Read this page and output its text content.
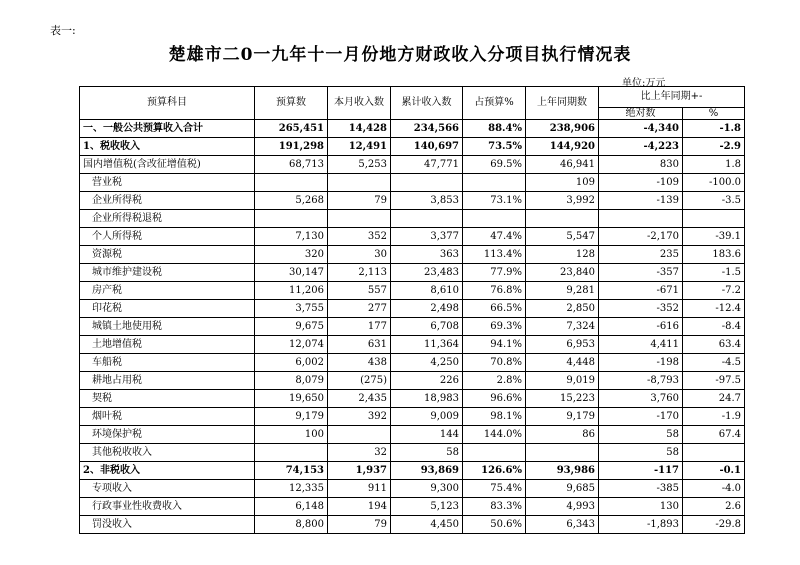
表一:
楚雄市二0一九年十一月份地方财政收入分项目执行情况表
单位:万元
预算科目	预算数	本月收入数	累计收入数	占预算%	上年同期数	比上年同期+-	
						绝对数	%
一、一般公共预算收入合计	265,451	14,428	234,566	88.4%	238,906	-4,340	-1.8
1、税收收入	191,298	12,491	140,697	73.5%	144,920	-4,223	-2.9
国内增值税(含改征增值税)	68,713	5,253	47,771	69.5%	46,941	830	1.8
营业税					109	-109	-100.0
企业所得税	5,268	79	3,853	73.1%	3,992	-139	-3.5
企业所得税退税							
个人所得税	7,130	352	3,377	47.4%	5,547	-2,170	-39.1
资源税	320	30	363	113.4%	128	235	183.6
城市维护建设税	30,147	2,113	23,483	77.9%	23,840	-357	-1.5
房产税	11,206	557	8,610	76.8%	9,281	-671	-7.2
印花税	3,755	277	2,498	66.5%	2,850	-352	-12.4
城镇土地使用税	9,675	177	6,708	69.3%	7,324	-616	-8.4
土地增值税	12,074	631	11,364	94.1%	6,953	4,411	63.4
车船税	6,002	438	4,250	70.8%	4,448	-198	-4.5
耕地占用税	8,079	(275)	226	2.8%	9,019	-8,793	-97.5
契税	19,650	2,435	18,983	96.6%	15,223	3,760	24.7
烟叶税	9,179	392	9,009	98.1%	9,179	-170	-1.9
环境保护税	100		144	144.0%	86	58	67.4
其他税收收入		32	58			58	
2、非税收入	74,153	1,937	93,869	126.6%	93,986	-117	-0.1
专项收入	12,335	911	9,300	75.4%	9,685	-385	-4.0
行政事业性收费收入	6,148	194	5,123	83.3%	4,993	130	2.6
罚没收入	8,800	79	4,450	50.6%	6,343	-1,893	-29.8
